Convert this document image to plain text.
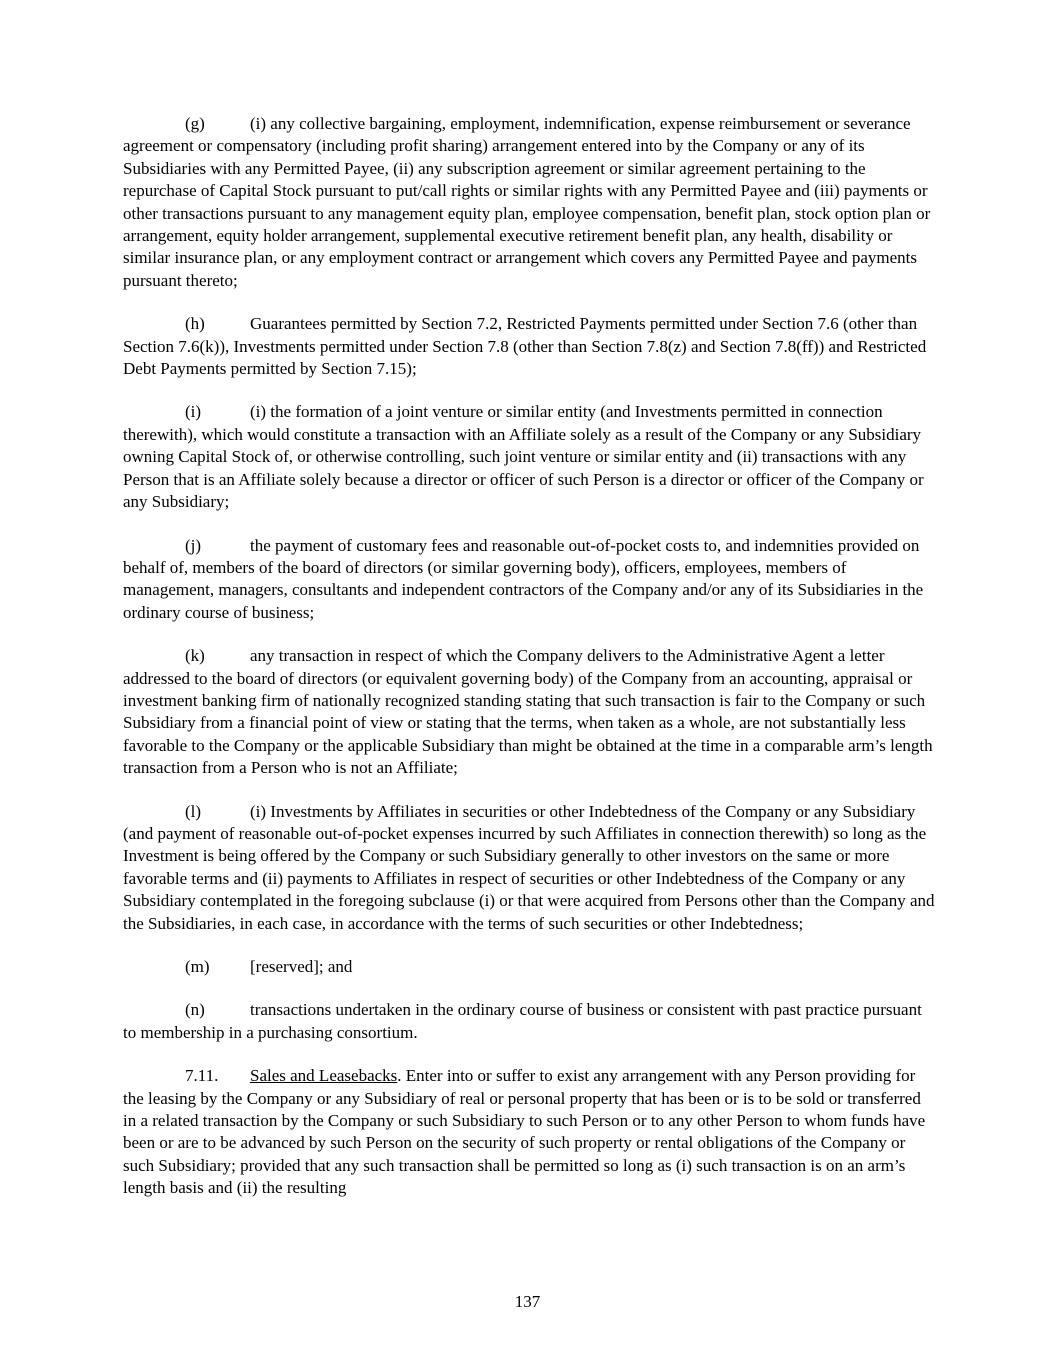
(g)	(i) any collective bargaining, employment, indemnification, expense reimbursement or severance agreement or compensatory (including profit sharing) arrangement entered into by the Company or any of its Subsidiaries with any Permitted Payee, (ii) any subscription agreement or similar agreement pertaining to the repurchase of Capital Stock pursuant to put/call rights or similar rights with any Permitted Payee and (iii) payments or other transactions pursuant to any management equity plan, employee compensation, benefit plan, stock option plan or arrangement, equity holder arrangement, supplemental executive retirement benefit plan, any health, disability or similar insurance plan, or any employment contract or arrangement which covers any Permitted Payee and payments pursuant thereto;

(h)	Guarantees permitted by Section 7.2, Restricted Payments permitted under Section 7.6 (other than Section 7.6(k)), Investments permitted under Section 7.8 (other than Section 7.8(z) and Section 7.8(ff)) and Restricted Debt Payments permitted by Section 7.15);

(i)	(i) the formation of a joint venture or similar entity (and Investments permitted in connection therewith), which would constitute a transaction with an Affiliate solely as a result of the Company or any Subsidiary owning Capital Stock of, or otherwise controlling, such joint venture or similar entity and (ii) transactions with any Person that is an Affiliate solely because a director or officer of such Person is a director or officer of the Company or any Subsidiary;

(j)	the payment of customary fees and reasonable out-of-pocket costs to, and indemnities provided on behalf of, members of the board of directors (or similar governing body), officers, employees, members of management, managers, consultants and independent contractors of the Company and/or any of its Subsidiaries in the ordinary course of business;

(k)	any transaction in respect of which the Company delivers to the Administrative Agent a letter addressed to the board of directors (or equivalent governing body) of the Company from an accounting, appraisal or investment banking firm of nationally recognized standing stating that such transaction is fair to the Company or such Subsidiary from a financial point of view or stating that the terms, when taken as a whole, are not substantially less favorable to the Company or the applicable Subsidiary than might be obtained at the time in a comparable arm’s length transaction from a Person who is not an Affiliate;

(l)	(i) Investments by Affiliates in securities or other Indebtedness of the Company or any Subsidiary (and payment of reasonable out-of-pocket expenses incurred by such Affiliates in connection therewith) so long as the Investment is being offered by the Company or such Subsidiary generally to other investors on the same or more favorable terms and (ii) payments to Affiliates in respect of securities or other Indebtedness of the Company or any Subsidiary contemplated in the foregoing subclause (i) or that were acquired from Persons other than the Company and the Subsidiaries, in each case, in accordance with the terms of such securities or other Indebtedness;

(m) [reserved]; and

(n)	transactions undertaken in the ordinary course of business or consistent with past practice pursuant to membership in a purchasing consortium.

7.11. Sales and Leasebacks. Enter into or suffer to exist any arrangement with any Person providing for the leasing by the Company or any Subsidiary of real or personal property that has been or is to be sold or transferred in a related transaction by the Company or such Subsidiary to such Person or to any other Person to whom funds have been or are to be advanced by such Person on the security of such property or rental obligations of the Company or such Subsidiary; provided that any such transaction shall be permitted so long as (i) such transaction is on an arm’s length basis and (ii) the resulting

137
